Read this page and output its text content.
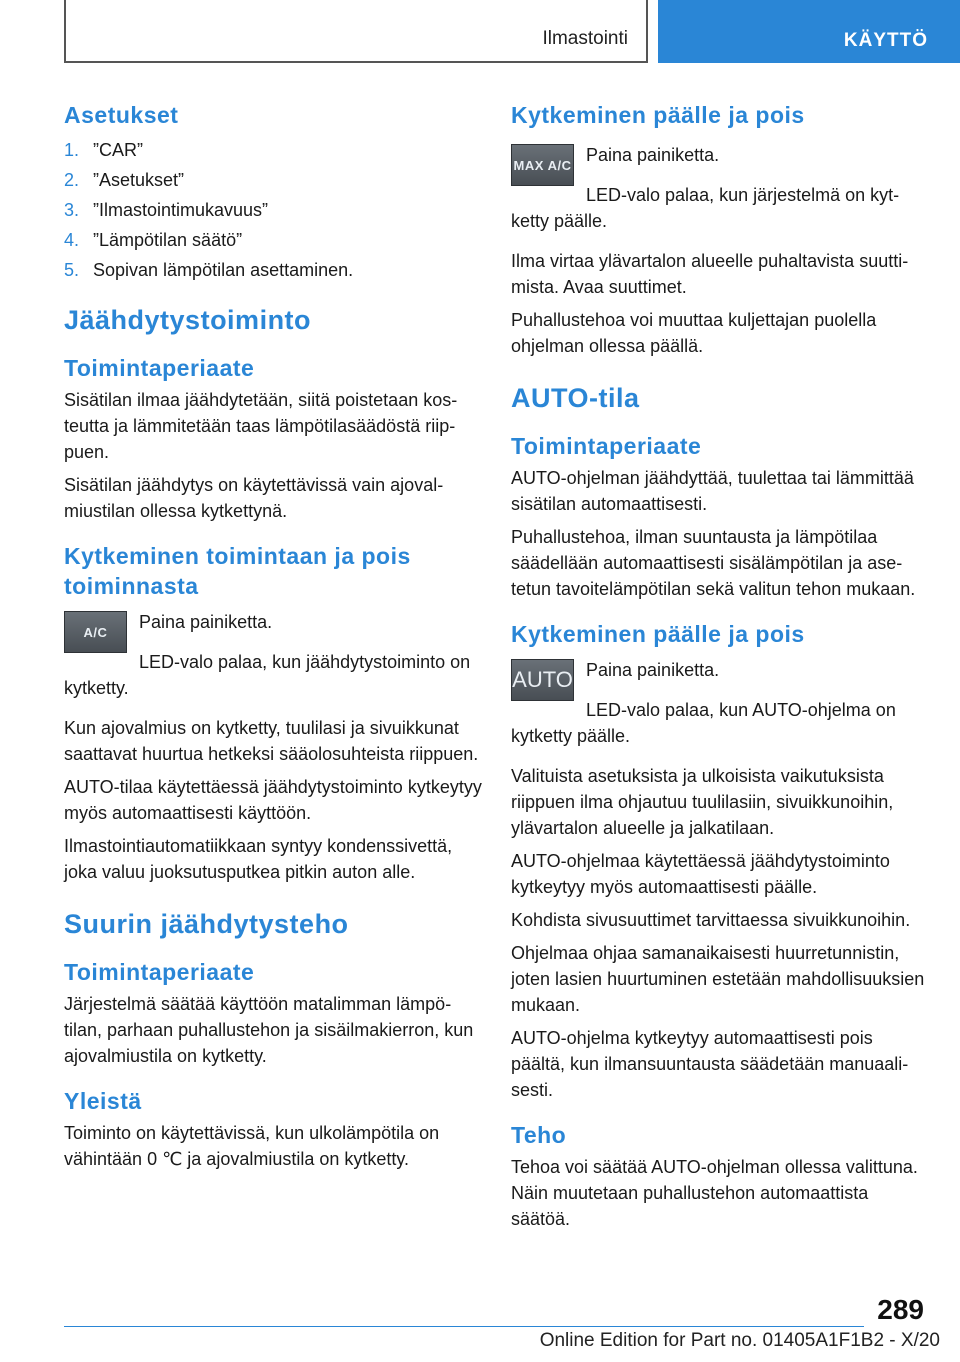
Ilmastointi	KÄYTTÖ
Asetukset
1. ”CAR”
2. ”Asetukset”
3. ”Ilmastointimukavuus”
4. ”Lämpötilan säätö”
5. Sopivan lämpötilan asettaminen.
Jäähdytystoiminto
Toimintaperiaate

Sisätilan ilmaa jäähdytetään, siitä poistetaan kosteutta ja lämmitetään taas lämpötilasäädöstä riippuen.

Sisätilan jäähdytys on käytettävissä vain ajovalmiustilan ollessa kytkettynä.

Kytkeminen toimintaan ja pois toiminnasta
A/C	Paina painiketta.

LED-valo palaa, kun jäähdytystoiminto on kytketty.

Kun ajovalmius on kytketty, tuulilasi ja sivuikkunat saattavat huurtua hetkeksi sääolosuhteista riippuen.

AUTO-tilaa käytettäessä jäähdytystoiminto kytkeytyy myös automaattisesti käyttöön.

Ilmastointiautomatiikkaan syntyy kondenssivettä, joka valuu juoksutusputkea pitkin auton alle.

Suurin jäähdytysteho
Toimintaperiaate

Järjestelmä säätää käyttöön matalimman lämpötilan, parhaan puhallustehon ja sisäilmakierron, kun ajovalmiustila on kytketty.

Yleistä

Toiminto on käytettävissä, kun ulkolämpötila on vähintään 0 ℃ ja ajovalmiustila on kytketty.

Kytkeminen päälle ja pois
MAX A/C Paina painiketta.

LED-valo palaa, kun järjestelmä on kytketty päälle.

Ilma virtaa ylävartalon alueelle puhaltavista suuttimista. Avaa suuttimet.

Puhallustehoa voi muuttaa kuljettajan puolella ohjelman ollessa päällä.

AUTO-tila
Toimintaperiaate

AUTO-ohjelman jäähdyttää, tuulettaa tai lämmittää sisätilan automaattisesti.

Puhallustehoa, ilman suuntausta ja lämpötilaa säädellään automaattisesti sisälämpötilan ja asetetun tavoitelämpötilan sekä valitun tehon mukaan.

Kytkeminen päälle ja pois
AUTO Paina painiketta.

LED-valo palaa, kun AUTO-ohjelma on kytketty päälle.

Valituista asetuksista ja ulkoisista vaikutuksista riippuen ilma ohjautuu tuulilasiin, sivuikkunoihin, ylävartalon alueelle ja jalkatilaan.

AUTO-ohjelmaa käytettäessä jäähdytystoiminto kytkeytyy myös automaattisesti päälle.

Kohdista sivusuuttimet tarvittaessa sivuikkunoihin.

Ohjelmaa ohjaa samanaikaisesti huurretunnistin, joten lasien huurtuminen estetään mahdollisuuksien mukaan.

AUTO-ohjelma kytkeytyy automaattisesti pois päältä, kun ilmansuuntausta säädetään manuaalisesti.

Teho

Tehoa voi säätää AUTO-ohjelman ollessa valittuna. Näin muutetaan puhallustehon automaattista säätöä.

289
Online Edition for Part no. 01405A1F1B2 - X/20
